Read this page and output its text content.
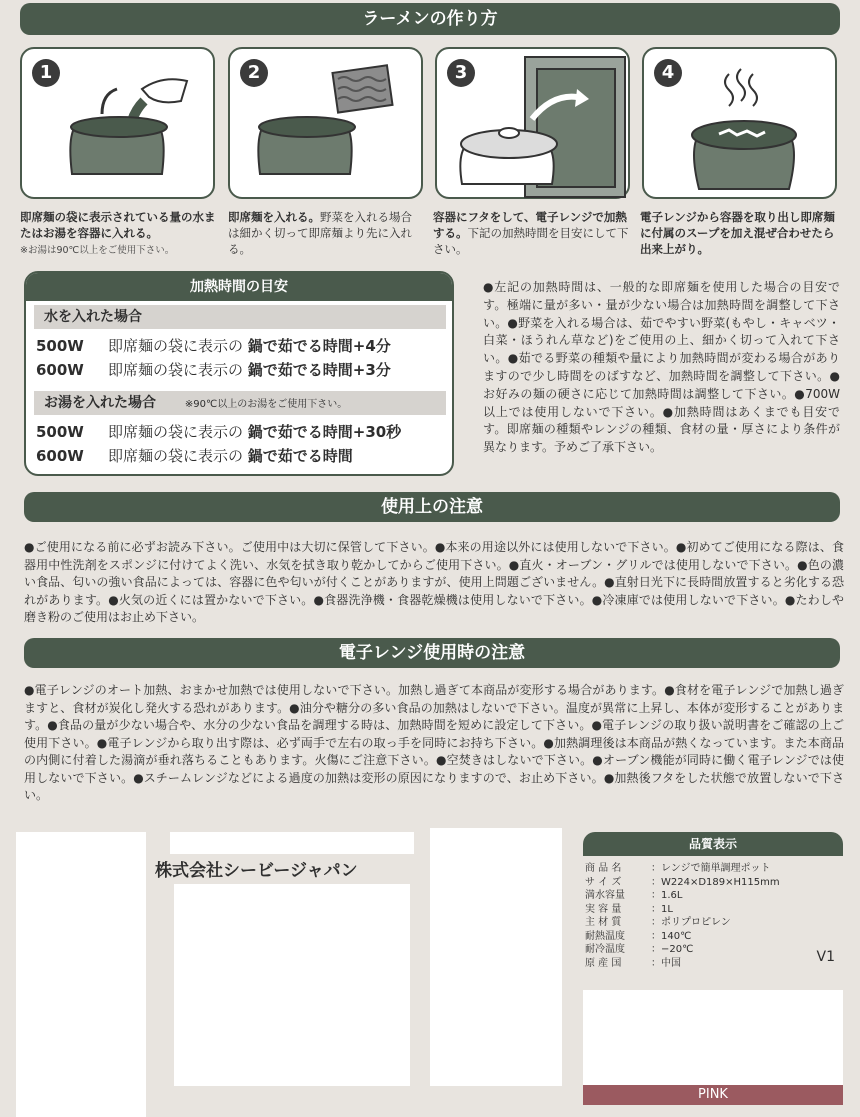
ラーメンの作り方
1	2	3	4
即席麺の袋に表示されている量の水またはお湯を容器に入れる。
※お湯は90℃以上をご使用下さい。
即席麺を入れる。野菜を入れる場合は細かく切って即席麺より先に入れる。
容器にフタをして、電子レンジで加熱する。下記の加熱時間を目安にして下さい。
電子レンジから容器を取り出し即席麺に付属のスープを加え混ぜ合わせたら出来上がり。
加熱時間の目安
水を入れた場合
500W 即席麺の袋に表示の 鍋で茹でる時間+4分
600W 即席麺の袋に表示の 鍋で茹でる時間+3分
お湯を入れた場合	※90℃以上のお湯をご使用下さい。
500W 即席麺の袋に表示の 鍋で茹でる時間+30秒
600W 即席麺の袋に表示の 鍋で茹でる時間
●左記の加熱時間は、一般的な即席麺を使用した場合の目安です。極端に量が多い・量が少ない場合は加熱時間を調整して下さい。●野菜を入れる場合は、茹でやすい野菜(もやし・キャベツ・白菜・ほうれん草など)をご使用の上、細かく切って入れて下さい。●茹でる野菜の種類や量により加熱時間が変わる場合がありますので少し時間をのばすなど、加熱時間を調整して下さい。●お好みの麺の硬さに応じて加熱時間は調整して下さい。●700W以上では使用しないで下さい。●加熱時間はあくまでも目安です。即席麺の種類やレンジの種類、食材の量・厚さにより条件が異なります。予めご了承下さい。
使用上の注意
●ご使用になる前に必ずお読み下さい。ご使用中は大切に保管して下さい。●本来の用途以外には使用しないで下さい。●初めてご使用になる際は、食器用中性洗剤をスポンジに付けてよく洗い、水気を拭き取り乾かしてからご使用下さい。●直火・オーブン・グリルでは使用しないで下さい。●色の濃い食品、匂いの強い食品によっては、容器に色や匂いが付くことがありますが、使用上問題ございません。●直射日光下に長時間放置すると劣化する恐れがあります。●火気の近くには置かないで下さい。●食器洗浄機・食器乾燥機は使用しないで下さい。●冷凍庫では使用しないで下さい。●たわしや磨き粉のご使用はお止め下さい。
電子レンジ使用時の注意
●電子レンジのオート加熱、おまかせ加熱では使用しないで下さい。加熱し過ぎて本商品が変形する場合があります。●食材を電子レンジで加熱し過ぎますと、食材が炭化し発火する恐れがあります。●油分や糖分の多い食品の加熱はしないで下さい。温度が異常に上昇し、本体が変形することがあります。●食品の量が少ない場合や、水分の少ない食品を調理する時は、加熱時間を短めに設定して下さい。●電子レンジの取り扱い説明書をご確認の上ご使用下さい。●電子レンジから取り出す際は、必ず両手で左右の取っ手を同時にお持ち下さい。●加熱調理後は本商品が熱くなっています。また本商品の内側に付着した湯滴が垂れ落ちることもあります。火傷にご注意下さい。●空焚きはしないで下さい。●オーブン機能が同時に働く電子レンジでは使用しないで下さい。●スチームレンジなどによる過度の加熱は変形の原因になりますので、お止め下さい。●加熱後フタをした状態で放置しないで下さい。
株式会社シービージャパン
品質表示
商 品 名	： レンジで簡単調理ポット
サ イ ズ	： W224×D189×H115mm
満水容量	： 1.6L
実 容 量	： 1L
主 材 質	： ポリプロピレン
耐熱温度	： 140℃
耐冷温度	： −20℃
原 産 国	： 中国	V1
PINK
